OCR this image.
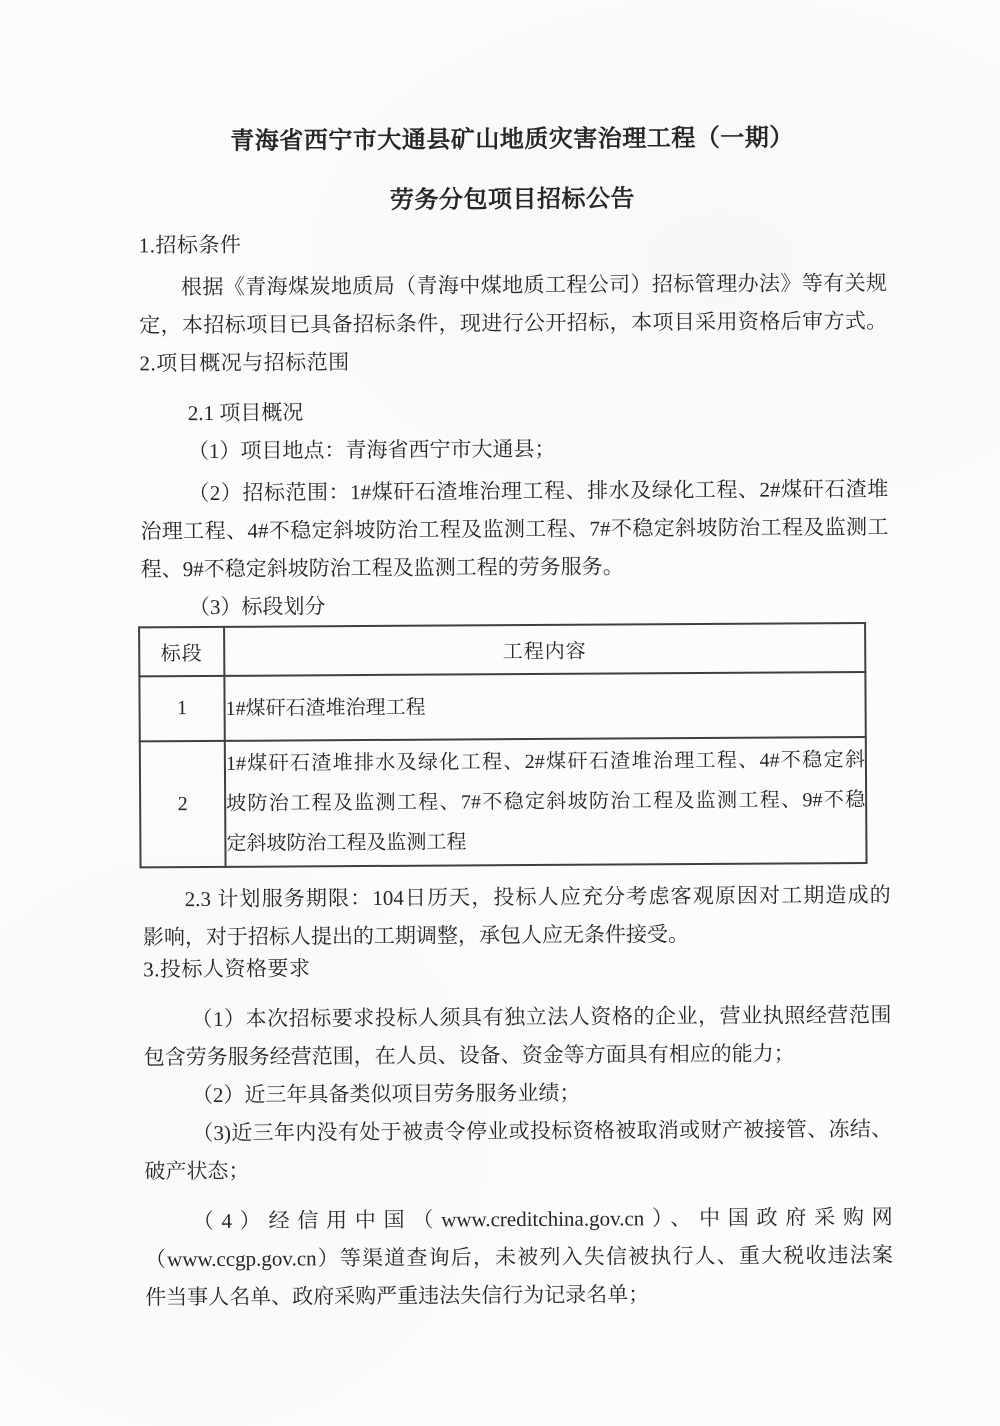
青海省西宁市大通县矿山地质灾害治理工程（一期）
劳务分包项目招标公告
1.招标条件
根据《青海煤炭地质局（青海中煤地质工程公司）招标管理办法》等有关规
定，本招标项目已具备招标条件，现进行公开招标，本项目采用资格后审方式。
2.项目概况与招标范围
2.1 项目概况
（1）项目地点：青海省西宁市大通县；
（2）招标范围：1#煤矸石渣堆治理工程、排水及绿化工程、2#煤矸石渣堆
治理工程、4#不稳定斜坡防治工程及监测工程、7#不稳定斜坡防治工程及监测工
程、9#不稳定斜坡防治工程及监测工程的劳务服务。
（3）标段划分
标段	工程内容
1	1#煤矸石渣堆治理工程

2	1#煤矸石渣堆排水及绿化工程、2#煤矸石渣堆治理工程、4#不稳定斜
坡防治工程及监测工程、7#不稳定斜坡防治工程及监测工程、9#不稳
定斜坡防治工程及监测工程
2.3 计划服务期限：104日历天，投标人应充分考虑客观原因对工期造成的
影响，对于招标人提出的工期调整，承包人应无条件接受。
3.投标人资格要求
（1）本次招标要求投标人须具有独立法人资格的企业，营业执照经营范围
包含劳务服务经营范围，在人员、设备、资金等方面具有相应的能力；
（2）近三年具备类似项目劳务服务业绩；
（3)近三年内没有处于被责令停业或投标资格被取消或财产被接管、冻结、
破产状态；
（4）经信用中国（www.creditchina.gov.cn）、中国政府采购网
（www.ccgp.gov.cn）等渠道查询后，未被列入失信被执行人、重大税收违法案
件当事人名单、政府采购严重违法失信行为记录名单；
